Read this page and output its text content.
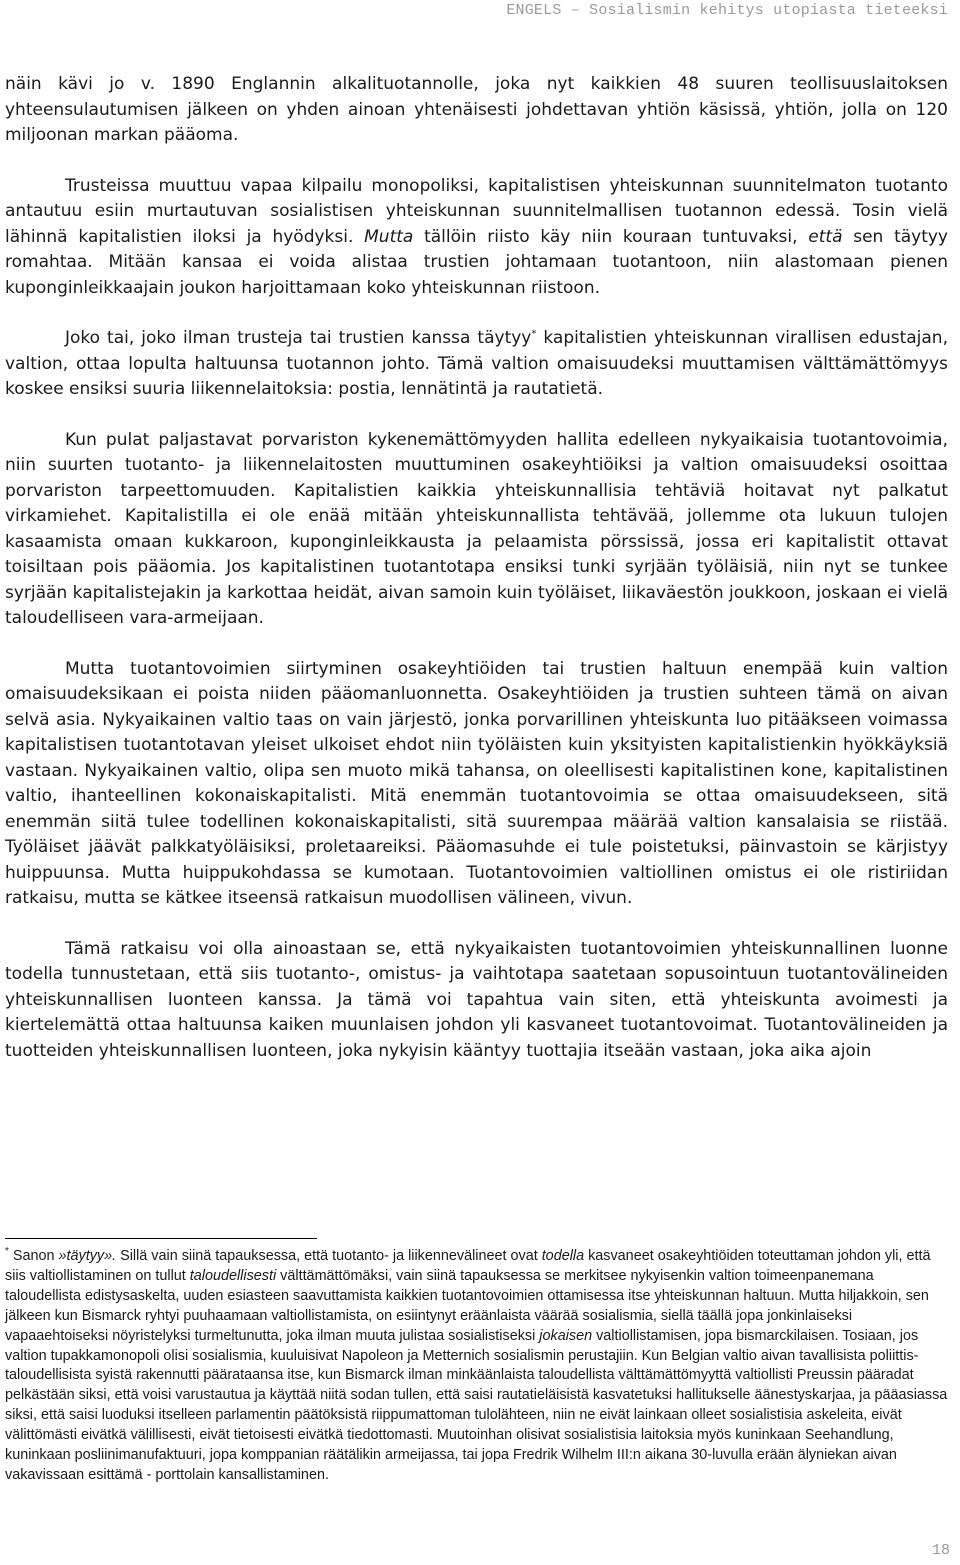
ENGELS – Sosialismin kehitys utopiasta tieteeksi

näin kävi jo v. 1890 Englannin alkalituotannolle, joka nyt kaikkien 48 suuren teollisuuslaitoksen yhteensulautumisen jälkeen on yhden ainoan yhtenäisesti johdettavan yhtiön käsissä, yhtiön, jolla on 120 miljoonan markan pääoma.

Trusteissa muuttuu vapaa kilpailu monopoliksi, kapitalistisen yhteiskunnan suunnitelmaton tuotanto antautuu esiin murtautuvan sosialistisen yhteiskunnan suunnitelmallisen tuotannon edessä. Tosin vielä lähinnä kapitalistien iloksi ja hyödyksi. Mutta tällöin riisto käy niin kouraan tuntuvaksi, että sen täytyy romahtaa. Mitään kansaa ei voida alistaa trustien johtamaan tuotantoon, niin alastomaan pienen kuponginleikkaajain joukon harjoittamaan koko yhteiskunnan riistoon.

Joko tai, joko ilman trusteja tai trustien kanssa täytyy* kapitalistien yhteiskunnan virallisen edustajan, valtion, ottaa lopulta haltuunsa tuotannon johto. Tämä valtion omaisuudeksi muuttamisen välttämättömyys koskee ensiksi suuria liikennelaitoksia: postia, lennätintä ja rautatietä.

Kun pulat paljastavat porvariston kykenemättömyyden hallita edelleen nykyaikaisia tuotantovoimia, niin suurten tuotanto- ja liikennelaitosten muuttuminen osakeyhtiöiksi ja valtion omaisuudeksi osoittaa porvariston tarpeettomuuden. Kapitalistien kaikkia yhteiskunnallisia tehtäviä hoitavat nyt palkatut virkamiehet. Kapitalistilla ei ole enää mitään yhteiskunnallista tehtävää, jollemme ota lukuun tulojen kasaamista omaan kukkaroon, kuponginleikkausta ja pelaamista pörssissä, jossa eri kapitalistit ottavat toisiltaan pois pääomia. Jos kapitalistinen tuotantotapa ensiksi tunki syrjään työläisiä, niin nyt se tunkee syrjään kapitalistejakin ja karkottaa heidät, aivan samoin kuin työläiset, liikaväestön joukkoon, joskaan ei vielä taloudelliseen vara-armeijaan.

Mutta tuotantovoimien siirtyminen osakeyhtiöiden tai trustien haltuun enempää kuin valtion omaisuudeksikaan ei poista niiden pääomanluonnetta. Osakeyhtiöiden ja trustien suhteen tämä on aivan selvä asia. Nykyaikainen valtio taas on vain järjestö, jonka porvarillinen yhteiskunta luo pitääkseen voimassa kapitalistisen tuotantotavan yleiset ulkoiset ehdot niin työläisten kuin yksityisten kapitalistienkin hyökkäyksiä vastaan. Nykyaikainen valtio, olipa sen muoto mikä tahansa, on oleellisesti kapitalistinen kone, kapitalistinen valtio, ihanteellinen kokonaiskapitalisti. Mitä enemmän tuotantovoimia se ottaa omaisuudekseen, sitä enemmän siitä tulee todellinen kokonaiskapitalisti, sitä suurempaa määrää valtion kansalaisia se riistää. Työläiset jäävät palkkatyöläisiksi, proletaareiksi. Pääomasuhde ei tule poistetuksi, päinvastoin se kärjistyy huippuunsa. Mutta huippukohdassa se kumotaan. Tuotantovoimien valtiollinen omistus ei ole ristiriidan ratkaisu, mutta se kätkee itseensä ratkaisun muodollisen välineen, vivun.

Tämä ratkaisu voi olla ainoastaan se, että nykyaikaisten tuotantovoimien yhteiskunnallinen luonne todella tunnustetaan, että siis tuotanto-, omistus- ja vaihtotapa saatetaan sopusointuun tuotantovälineiden yhteiskunnallisen luonteen kanssa. Ja tämä voi tapahtua vain siten, että yhteiskunta avoimesti ja kiertelemättä ottaa haltuunsa kaiken muunlaisen johdon yli kasvaneet tuotantovoimat. Tuotantovälineiden ja tuotteiden yhteiskunnallisen luonteen, joka nykyisin kääntyy tuottajia itseään vastaan, joka aika ajoin

* Sanon »täytyy». Sillä vain siinä tapauksessa, että tuotanto- ja liikennevälineet ovat todella kasvaneet osakeyhtiöiden toteuttaman johdon yli, että siis valtiollistaminen on tullut taloudellisesti välttämättömäksi, vain siinä tapauksessa se merkitsee nykyisenkin valtion toimeenpanemana taloudellista edistysaskelta, uuden esiasteen saavuttamista kaikkien tuotantovoimien ottamisessa itse yhteiskunnan haltuun. Mutta hiljakkoin, sen jälkeen kun Bismarck ryhtyi puuhaamaan valtiollistamista, on esiintynyt eräänlaista väärää sosialismia, siellä täällä jopa jonkinlaiseksi vapaaehtoiseksi nöyristelyksi turmeltunutta, joka ilman muuta julistaa sosialistiseksi jokaisen valtiollistamisen, jopa bismarckilaisen. Tosiaan, jos valtion tupakkamonopoli olisi sosialismia, kuuluisivat Napoleon ja Metternich sosialismin perustajiin. Kun Belgian valtio aivan tavallisista poliittis-taloudellisista syistä rakennutti päärataansa itse, kun Bismarck ilman minkäänlaista taloudellista välttämättömyyttä valtiollisti Preussin pääradat pelkästään siksi, että voisi varustautua ja käyttää niitä sodan tullen, että saisi rautatieläisistä kasvatetuksi hallitukselle äänestyskarjaa, ja pääasiassa siksi, että saisi luoduksi itselleen parlamentin päätöksistä riippumattoman tulolähteen, niin ne eivät lainkaan olleet sosialistisia askeleita, eivät välittömästi eivätkä välillisesti, eivät tietoisesti eivätkä tiedottomasti. Muutoinhan olisivat sosialistisia laitoksia myös kuninkaan Seehandlung, kuninkaan posliinimanufaktuuri, jopa komppanian räätälikin armeijassa, tai jopa Fredrik Wilhelm III:n aikana 30-luvulla erään älyniekan aivan vakavissaan esittämä - porttolain kansallistaminen.
18
